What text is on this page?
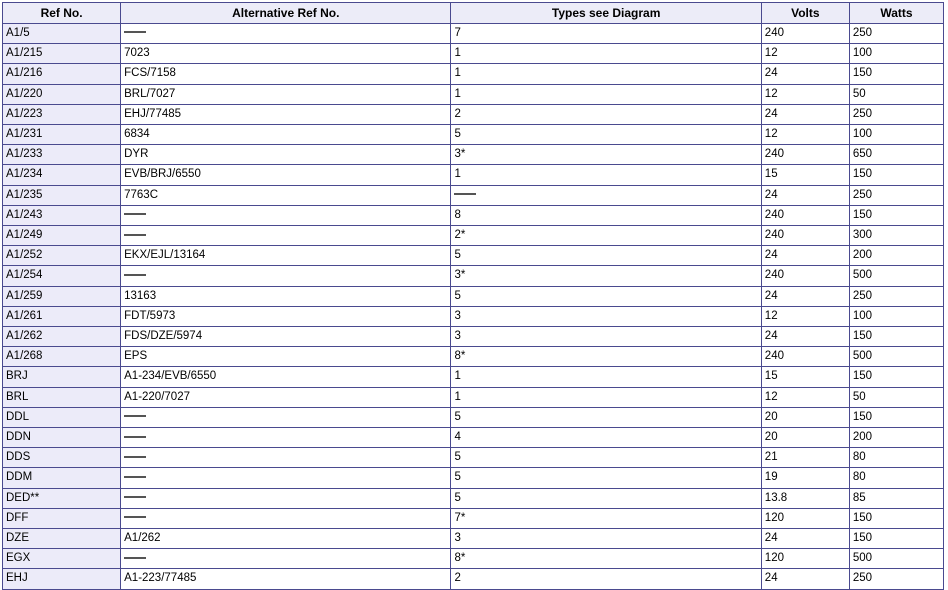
Ref No.	Alternative Ref No.	Types see Diagram	Volts	Watts
A1/5		7	240	250
A1/215	7023	1	12	100
A1/216	FCS/7158	1	24	150
A1/220	BRL/7027	1	12	50
A1/223	EHJ/77485	2	24	250
A1/231	6834	5	12	100
A1/233	DYR	3*	240	650
A1/234	EVB/BRJ/6550	1	15	150
A1/235	7763C		24	250
A1/243		8	240	150
A1/249		2*	240	300
A1/252	EKX/EJL/13164	5	24	200
A1/254		3*	240	500
A1/259	13163	5	24	250
A1/261	FDT/5973	3	12	100
A1/262	FDS/DZE/5974	3	24	150
A1/268	EPS	8*	240	500
BRJ	A1-234/EVB/6550	1	15	150
BRL	A1-220/7027	1	12	50
DDL		5	20	150
DDN		4	20	200
DDS		5	21	80
DDM		5	19	80
DED**		5	13.8	85
DFF		7*	120	150
DZE	A1/262	3	24	150
EGX		8*	120	500
EHJ	A1-223/77485	2	24	250
